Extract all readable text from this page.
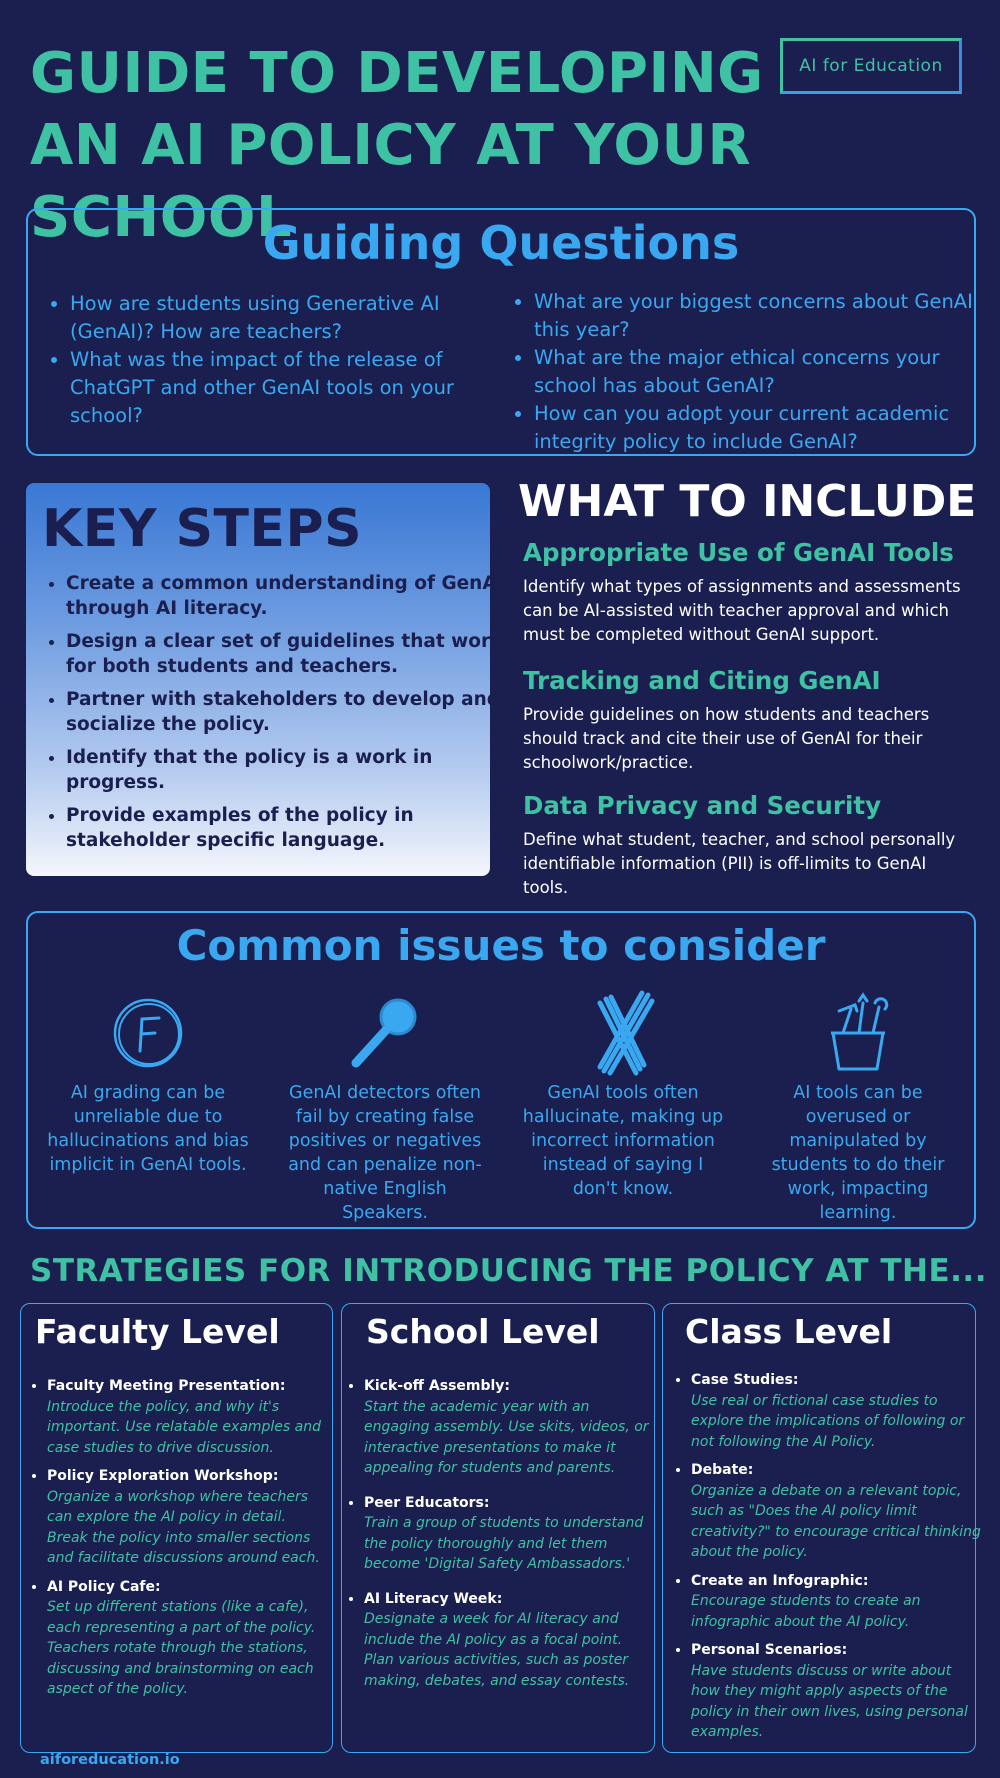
GUIDE TO DEVELOPING
AN AI POLICY AT YOUR SCHOOL
AI for Education
Guiding Questions
• How are students using Generative AI (GenAI)? How are teachers?
• What was the impact of the release of ChatGPT and other GenAI tools on your school?
• What are your biggest concerns about GenAI this year?
• What are the major ethical concerns your school has about GenAI?
• How can you adopt your current academic integrity policy to include GenAI?
KEY STEPS
• Create a common understanding of GenAI through AI literacy.
• Design a clear set of guidelines that work for both students and teachers.
• Partner with stakeholders to develop and socialize the policy.
• Identify that the policy is a work in progress.
• Provide examples of the policy in stakeholder specific language.
WHAT TO INCLUDE
Appropriate Use of GenAI Tools
Identify what types of assignments and assessments can be AI-assisted with teacher approval and which must be completed without GenAI support.
Tracking and Citing GenAI
Provide guidelines on how students and teachers should track and cite their use of GenAI for their schoolwork/practice.
Data Privacy and Security
Define what student, teacher, and school personally identifiable information (PII) is off-limits to GenAI tools.
Common issues to consider
AI grading can be unreliable due to hallucinations and bias implicit in GenAI tools.
GenAI detectors often fail by creating false positives or negatives and can penalize non-native English Speakers.
GenAI tools often hallucinate, making up incorrect information instead of saying I don't know.
AI tools can be overused or manipulated by students to do their work, impacting learning.
STRATEGIES FOR INTRODUCING THE POLICY AT THE...
Faculty Level
• Faculty Meeting Presentation:
Introduce the policy, and why it's important. Use relatable examples and case studies to drive discussion.
• Policy Exploration Workshop:
Organize a workshop where teachers can explore the AI policy in detail. Break the policy into smaller sections and facilitate discussions around each.
• AI Policy Cafe:
Set up different stations (like a cafe), each representing a part of the policy. Teachers rotate through the stations, discussing and brainstorming on each aspect of the policy.
School Level
• Kick-off Assembly:
Start the academic year with an engaging assembly. Use skits, videos, or interactive presentations to make it appealing for students and parents.
• Peer Educators:
Train a group of students to understand the policy thoroughly and let them become 'Digital Safety Ambassadors.'
• AI Literacy Week:
Designate a week for AI literacy and include the AI policy as a focal point. Plan various activities, such as poster making, debates, and essay contests.
Class Level
• Case Studies:
Use real or fictional case studies to explore the implications of following or not following the AI Policy.
• Debate:
Organize a debate on a relevant topic, such as "Does the AI policy limit creativity?" to encourage critical thinking about the policy.
• Create an Infographic:
Encourage students to create an infographic about the AI policy.
• Personal Scenarios:
Have students discuss or write about how they might apply aspects of the policy in their own lives, using personal examples.
aiforeducation.io
